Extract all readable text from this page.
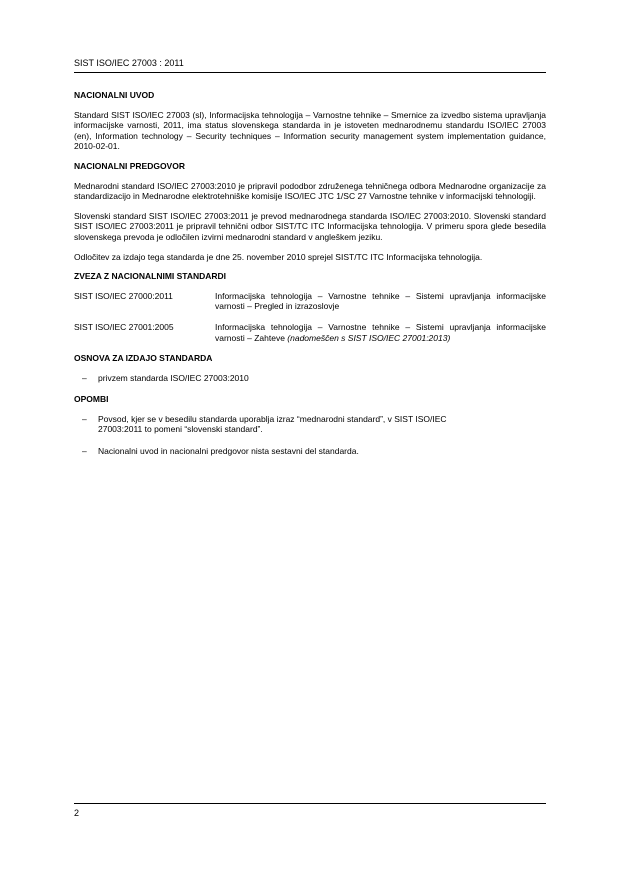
SIST ISO/IEC 27003 : 2011
NACIONALNI UVOD

Standard SIST ISO/IEC 27003 (sl), Informacijska tehnologija – Varnostne tehnike – Smernice za izvedbo sistema upravljanja informacijske varnosti, 2011, ima status slovenskega standarda in je istoveten mednarodnemu standardu ISO/IEC 27003 (en), Information technology – Security techniques – Information security management system implementation guidance, 2010-02-01.

NACIONALNI PREDGOVOR

Mednarodni standard ISO/IEC 27003:2010 je pripravil pododbor združenega tehničnega odbora Mednarodne organizacije za standardizacijo in Mednarodne elektrotehniške komisije ISO/IEC JTC 1/SC 27 Varnostne tehnike v informacijski tehnologiji.

Slovenski standard SIST ISO/IEC 27003:2011 je prevod mednarodnega standarda ISO/IEC 27003:2010. Slovenski standard SIST ISO/IEC 27003:2011 je pripravil tehnični odbor SIST/TC ITC Informacijska tehnologija. V primeru spora glede besedila slovenskega prevoda je odločilen izvirni mednarodni standard v angleškem jeziku.

Odločitev za izdajo tega standarda je dne 25. november 2010 sprejel SIST/TC ITC Informacijska tehnologija.

ZVEZA Z NACIONALNIMI STANDARDI
SIST ISO/IEC 27000:2011	Informacijska tehnologija – Varnostne tehnike – Sistemi upravljanja informacijske varnosti – Pregled in izrazoslovje
SIST ISO/IEC 27001:2005	Informacijska tehnologija – Varnostne tehnike – Sistemi upravljanja informacijske varnosti – Zahteve (nadomeščen s SIST ISO/IEC 27001:2013)
OSNOVA ZA IZDAJO STANDARDA
– privzem standarda ISO/IEC 27003:2010
OPOMBI
– Povsod, kjer se v besedilu standarda uporablja izraz “mednarodni standard”, v SIST ISO/IEC 27003:2011 to pomeni “slovenski standard”.
– Nacionalni uvod in nacionalni predgovor nista sestavni del standarda.
2
